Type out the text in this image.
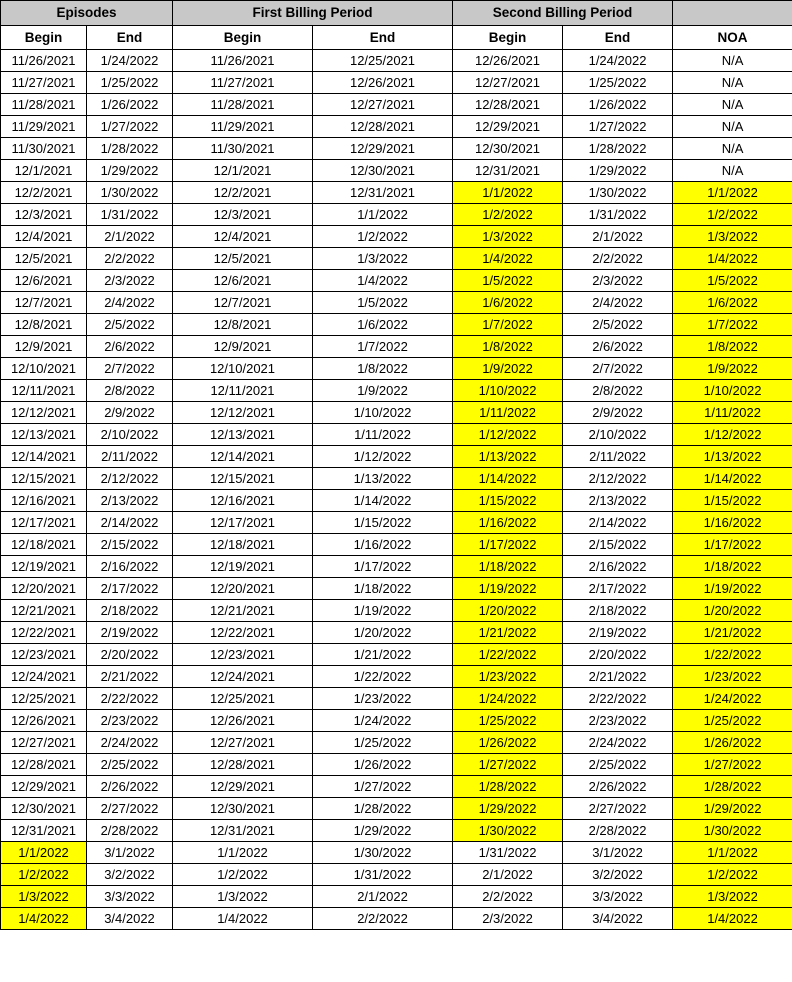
Episodes		First Billing Period		Second Billing Period		
Begin	End	Begin	End	Begin	End	NOA
11/26/2021	1/24/2022	11/26/2021	12/25/2021	12/26/2021	1/24/2022	N/A
11/27/2021	1/25/2022	11/27/2021	12/26/2021	12/27/2021	1/25/2022	N/A
11/28/2021	1/26/2022	11/28/2021	12/27/2021	12/28/2021	1/26/2022	N/A
11/29/2021	1/27/2022	11/29/2021	12/28/2021	12/29/2021	1/27/2022	N/A
11/30/2021	1/28/2022	11/30/2021	12/29/2021	12/30/2021	1/28/2022	N/A
12/1/2021	1/29/2022	12/1/2021	12/30/2021	12/31/2021	1/29/2022	N/A
12/2/2021	1/30/2022	12/2/2021	12/31/2021	1/1/2022	1/30/2022	1/1/2022
12/3/2021	1/31/2022	12/3/2021	1/1/2022	1/2/2022	1/31/2022	1/2/2022
12/4/2021	2/1/2022	12/4/2021	1/2/2022	1/3/2022	2/1/2022	1/3/2022
12/5/2021	2/2/2022	12/5/2021	1/3/2022	1/4/2022	2/2/2022	1/4/2022
12/6/2021	2/3/2022	12/6/2021	1/4/2022	1/5/2022	2/3/2022	1/5/2022
12/7/2021	2/4/2022	12/7/2021	1/5/2022	1/6/2022	2/4/2022	1/6/2022
12/8/2021	2/5/2022	12/8/2021	1/6/2022	1/7/2022	2/5/2022	1/7/2022
12/9/2021	2/6/2022	12/9/2021	1/7/2022	1/8/2022	2/6/2022	1/8/2022
12/10/2021	2/7/2022	12/10/2021	1/8/2022	1/9/2022	2/7/2022	1/9/2022
12/11/2021	2/8/2022	12/11/2021	1/9/2022	1/10/2022	2/8/2022	1/10/2022
12/12/2021	2/9/2022	12/12/2021	1/10/2022	1/11/2022	2/9/2022	1/11/2022
12/13/2021	2/10/2022	12/13/2021	1/11/2022	1/12/2022	2/10/2022	1/12/2022
12/14/2021	2/11/2022	12/14/2021	1/12/2022	1/13/2022	2/11/2022	1/13/2022
12/15/2021	2/12/2022	12/15/2021	1/13/2022	1/14/2022	2/12/2022	1/14/2022
12/16/2021	2/13/2022	12/16/2021	1/14/2022	1/15/2022	2/13/2022	1/15/2022
12/17/2021	2/14/2022	12/17/2021	1/15/2022	1/16/2022	2/14/2022	1/16/2022
12/18/2021	2/15/2022	12/18/2021	1/16/2022	1/17/2022	2/15/2022	1/17/2022
12/19/2021	2/16/2022	12/19/2021	1/17/2022	1/18/2022	2/16/2022	1/18/2022
12/20/2021	2/17/2022	12/20/2021	1/18/2022	1/19/2022	2/17/2022	1/19/2022
12/21/2021	2/18/2022	12/21/2021	1/19/2022	1/20/2022	2/18/2022	1/20/2022
12/22/2021	2/19/2022	12/22/2021	1/20/2022	1/21/2022	2/19/2022	1/21/2022
12/23/2021	2/20/2022	12/23/2021	1/21/2022	1/22/2022	2/20/2022	1/22/2022
12/24/2021	2/21/2022	12/24/2021	1/22/2022	1/23/2022	2/21/2022	1/23/2022
12/25/2021	2/22/2022	12/25/2021	1/23/2022	1/24/2022	2/22/2022	1/24/2022
12/26/2021	2/23/2022	12/26/2021	1/24/2022	1/25/2022	2/23/2022	1/25/2022
12/27/2021	2/24/2022	12/27/2021	1/25/2022	1/26/2022	2/24/2022	1/26/2022
12/28/2021	2/25/2022	12/28/2021	1/26/2022	1/27/2022	2/25/2022	1/27/2022
12/29/2021	2/26/2022	12/29/2021	1/27/2022	1/28/2022	2/26/2022	1/28/2022
12/30/2021	2/27/2022	12/30/2021	1/28/2022	1/29/2022	2/27/2022	1/29/2022
12/31/2021	2/28/2022	12/31/2021	1/29/2022	1/30/2022	2/28/2022	1/30/2022
1/1/2022	3/1/2022	1/1/2022	1/30/2022	1/31/2022	3/1/2022	1/1/2022
1/2/2022	3/2/2022	1/2/2022	1/31/2022	2/1/2022	3/2/2022	1/2/2022
1/3/2022	3/3/2022	1/3/2022	2/1/2022	2/2/2022	3/3/2022	1/3/2022
1/4/2022	3/4/2022	1/4/2022	2/2/2022	2/3/2022	3/4/2022	1/4/2022
